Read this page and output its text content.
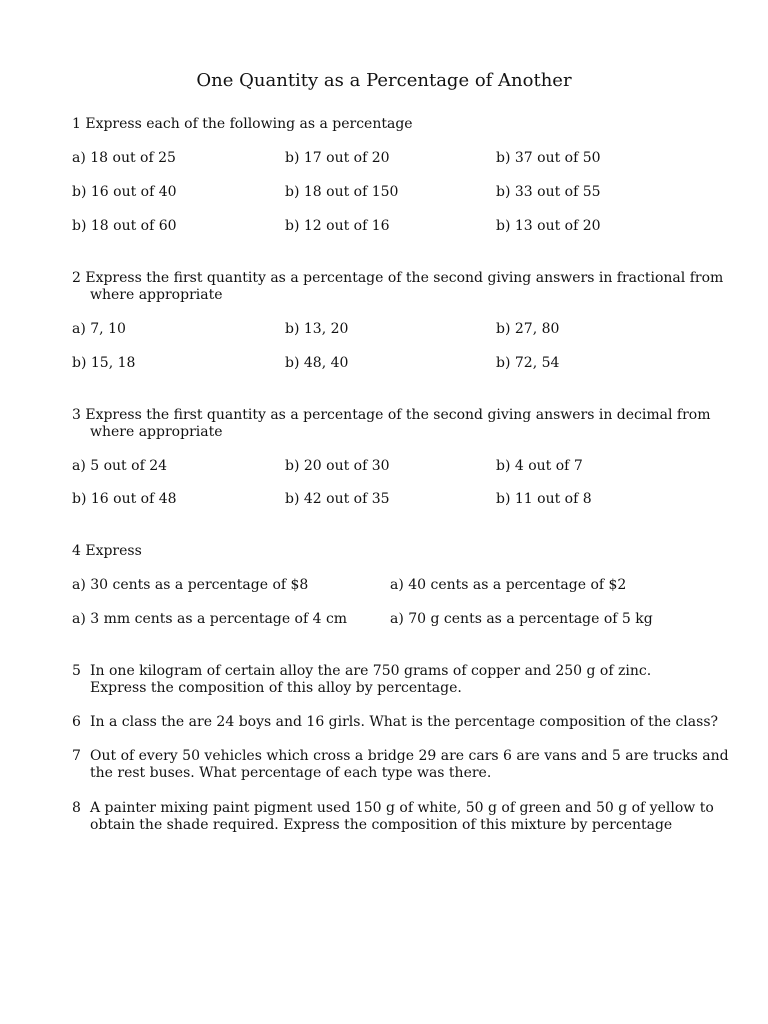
One Quantity as a Percentage of Another
1 Express each of the following as a percentage
a) 18 out of 25	b) 17 out of 20	b) 37 out of 50
b) 16 out of 40	b) 18 out of 150	b) 33 out of 55
b) 18 out of 60	b) 12 out of 16	b) 13 out of 20
2 Express the first quantity as a percentage of the second giving answers in fractional from
where appropriate
a) 7, 10	b) 13, 20	b) 27, 80
b) 15, 18	b) 48, 40	b) 72, 54
3 Express the first quantity as a percentage of the second giving answers in decimal from
where appropriate
a) 5 out of 24	b) 20 out of 30	b) 4 out of 7
b) 16 out of 48	b) 42 out of 35	b) 11 out of 8
4 Express
a) 30 cents as a percentage of $8	a) 40 cents as a percentage of $2
a) 3 mm cents as a percentage of 4 cm	a) 70 g cents as a percentage of 5 kg
5 In one kilogram of certain alloy the are 750 grams of copper and 250 g of zinc.
Express the composition of this alloy by percentage.
6 In a class the are 24 boys and 16 girls. What is the percentage composition of the class?
7 Out of every 50 vehicles which cross a bridge 29 are cars 6 are vans and 5 are trucks and
the rest buses. What percentage of each type was there.
8 A painter mixing paint pigment used 150 g of white, 50 g of green and 50 g of yellow to
obtain the shade required. Express the composition of this mixture by percentage
